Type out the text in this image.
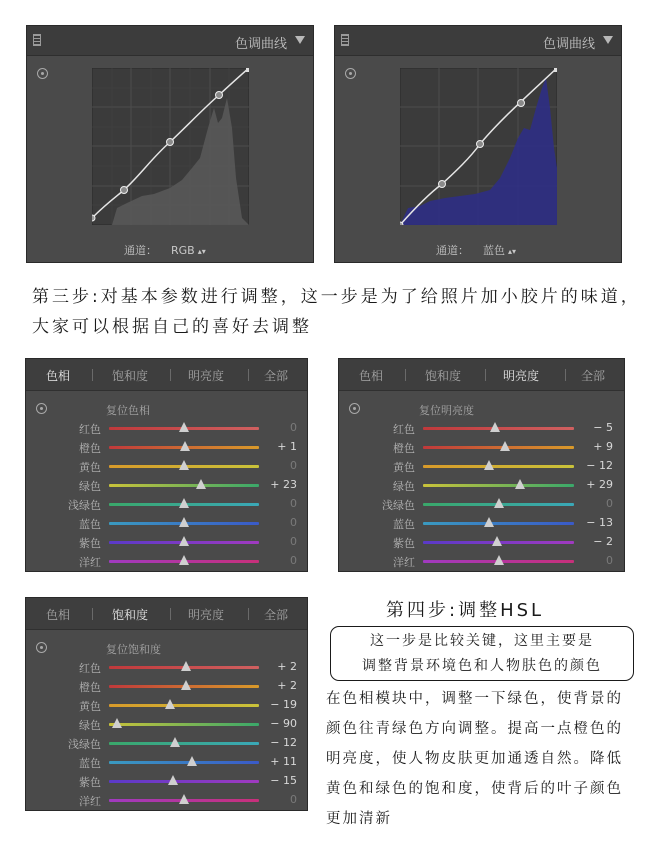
色调曲线
通道： RGB ▴▾
色调曲线
通道： 蓝色 ▴▾
第三步:对基本参数进行调整，这一步是为了给照片加小胶片的味道，大家可以根据自己的喜好去调整
色相	饱和度	明亮度	全部
复位色相
红色	0
橙色	+ 1
黄色	0
绿色	+ 23
浅绿色	0
蓝色	0
紫色	0
洋红	0
色相	饱和度	明亮度	全部
复位明亮度
红色	− 5
橙色	+ 9
黄色	− 12
绿色	+ 29
浅绿色	0
蓝色	− 13
紫色	− 2
洋红	0
色相	饱和度	明亮度	全部
复位饱和度
红色	+ 2
橙色	+ 2
黄色	− 19
绿色	− 90
浅绿色	− 12
蓝色	+ 11
紫色	− 15
洋红	0
第四步:调整HSL
这一步是比较关键，这里主要是
调整背景环境色和人物肤色的颜色
在色相模块中，调整一下绿色，使背景的颜色往青绿色方向调整。提高一点橙色的明亮度，使人物皮肤更加通透自然。降低黄色和绿色的饱和度，使背后的叶子颜色更加清新
